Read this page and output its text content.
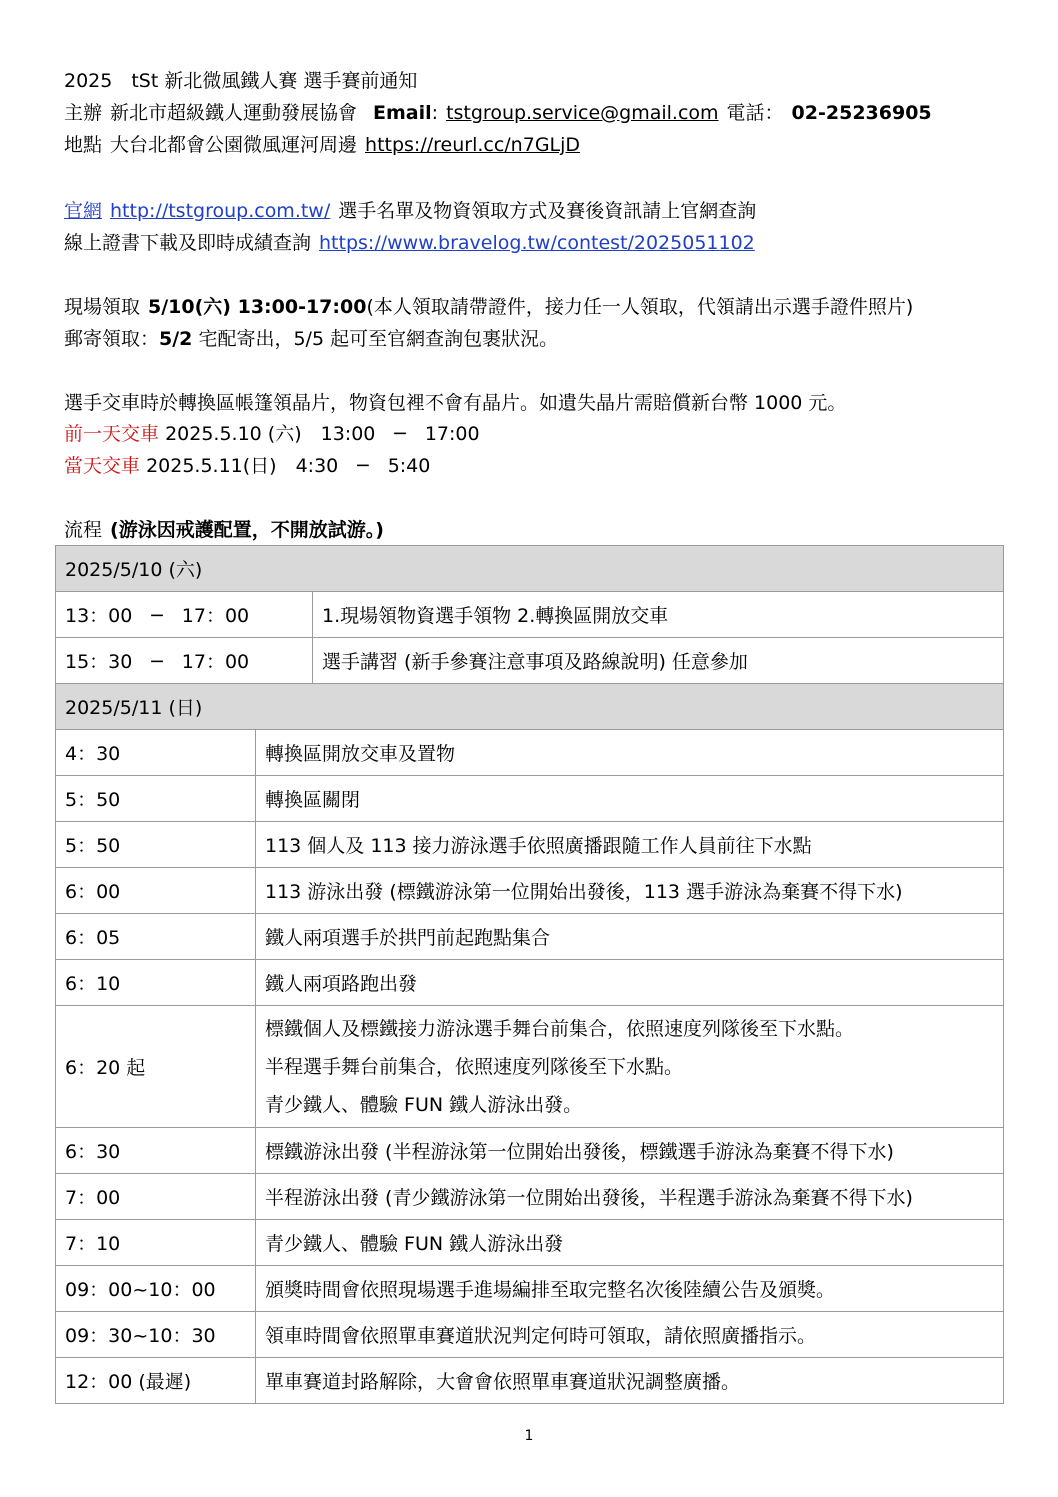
2025　tSt 新北微風鐵人賽 選手賽前通知
主辦 新北市超級鐵人運動發展協會 Email: tstgroup.service@gmail.com 電話： 02-25236905
地點 大台北都會公園微風運河周邊 https://reurl.cc/n7GLjD
官網 http://tstgroup.com.tw/ 選手名單及物資領取方式及賽後資訊請上官網查詢
線上證書下載及即時成績查詢 https://www.bravelog.tw/contest/2025051102
現場領取 5/10(六) 13:00-17:00(本人領取請帶證件，接力任一人領取，代領請出示選手證件照片)
郵寄領取：5/2 宅配寄出，5/5 起可至官網查詢包裹狀況。
選手交車時於轉換區帳篷領晶片，物資包裡不會有晶片。如遺失晶片需賠償新台幣 1000 元。
前一天交車 2025.5.10 (六)　13:00　─　17:00
當天交車 2025.5.11(日)　4:30　─　5:40
流程 (游泳因戒護配置，不開放試游。)
2025/5/10 (六)		
13：00　─　17：00		1.現場領物資選手領物 2.轉換區開放交車
15：30　─　17：00		選手講習 (新手參賽注意事項及路線說明) 任意參加
2025/5/11 (日)		
4：30	轉換區開放交車及置物	
5：50	轉換區關閉	
5：50	113 個人及 113 接力游泳選手依照廣播跟隨工作人員前往下水點	
6：00	113 游泳出發 (標鐵游泳第一位開始出發後，113 選手游泳為棄賽不得下水)	
6：05	鐵人兩項選手於拱門前起跑點集合	
6：10	鐵人兩項路跑出發	
6：20 起	標鐵個人及標鐵接力游泳選手舞台前集合，依照速度列隊後至下水點。
半程選手舞台前集合，依照速度列隊後至下水點。
青少鐵人、體驗 FUN 鐵人游泳出發。	

6：30	標鐵游泳出發 (半程游泳第一位開始出發後，標鐵選手游泳為棄賽不得下水)	
7：00	半程游泳出發 (青少鐵游泳第一位開始出發後，半程選手游泳為棄賽不得下水)	
7：10	青少鐵人、體驗 FUN 鐵人游泳出發	
09：00~10：00	頒獎時間會依照現場選手進場編排至取完整名次後陸續公告及頒獎。	
09：30~10：30	領車時間會依照單車賽道狀況判定何時可領取，請依照廣播指示。	
12：00 (最遲)	單車賽道封路解除，大會會依照單車賽道狀況調整廣播。	
1
